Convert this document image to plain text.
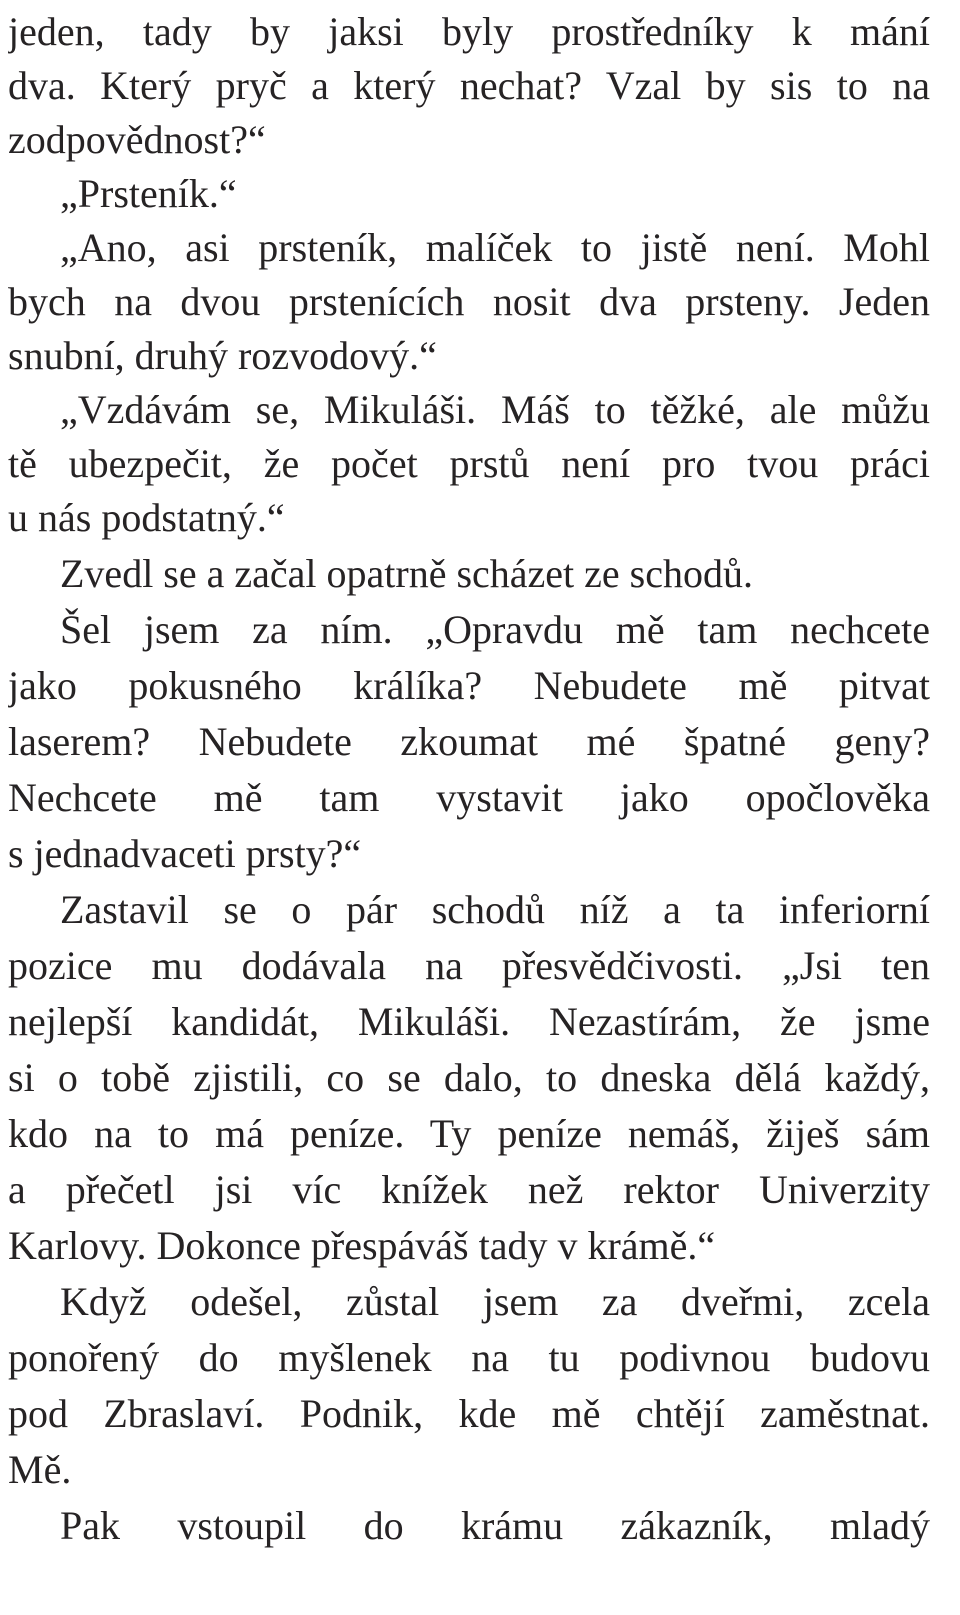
jeden, tady by jaksi byly prostředníky k mání
dva. Který pryč a který nechat? Vzal by sis to na
zodpovědnost?“
„Prsteník.“
„Ano, asi prsteník, malíček to jistě není. Mohl
bych na dvou prstenících nosit dva prsteny. Jeden
snubní, druhý rozvodový.“
„Vzdávám se, Mikuláši. Máš to těžké, ale můžu
tě ubezpečit, že počet prstů není pro tvou práci
u nás podstatný.“
Zvedl se a začal opatrně scházet ze schodů.
Šel jsem za ním. „Opravdu mě tam nechcete
jako pokusného králíka? Nebudete mě pitvat
laserem? Nebudete zkoumat mé špatné geny?
Nechcete mě tam vystavit jako opočlověka
s jednadvaceti prsty?“
Zastavil se o pár schodů níž a ta inferiorní
pozice mu dodávala na přesvědčivosti. „Jsi ten
nejlepší kandidát, Mikuláši. Nezastírám, že jsme
si o tobě zjistili, co se dalo, to dneska dělá každý,
kdo na to má peníze. Ty peníze nemáš, žiješ sám
a přečetl jsi víc knížek než rektor Univerzity
Karlovy. Dokonce přespáváš tady v krámě.“
Když odešel, zůstal jsem za dveřmi, zcela
ponořený do myšlenek na tu podivnou budovu
pod Zbraslaví. Podnik, kde mě chtějí zaměstnat.
Mě.
Pak vstoupil do krámu zákazník, mladý
